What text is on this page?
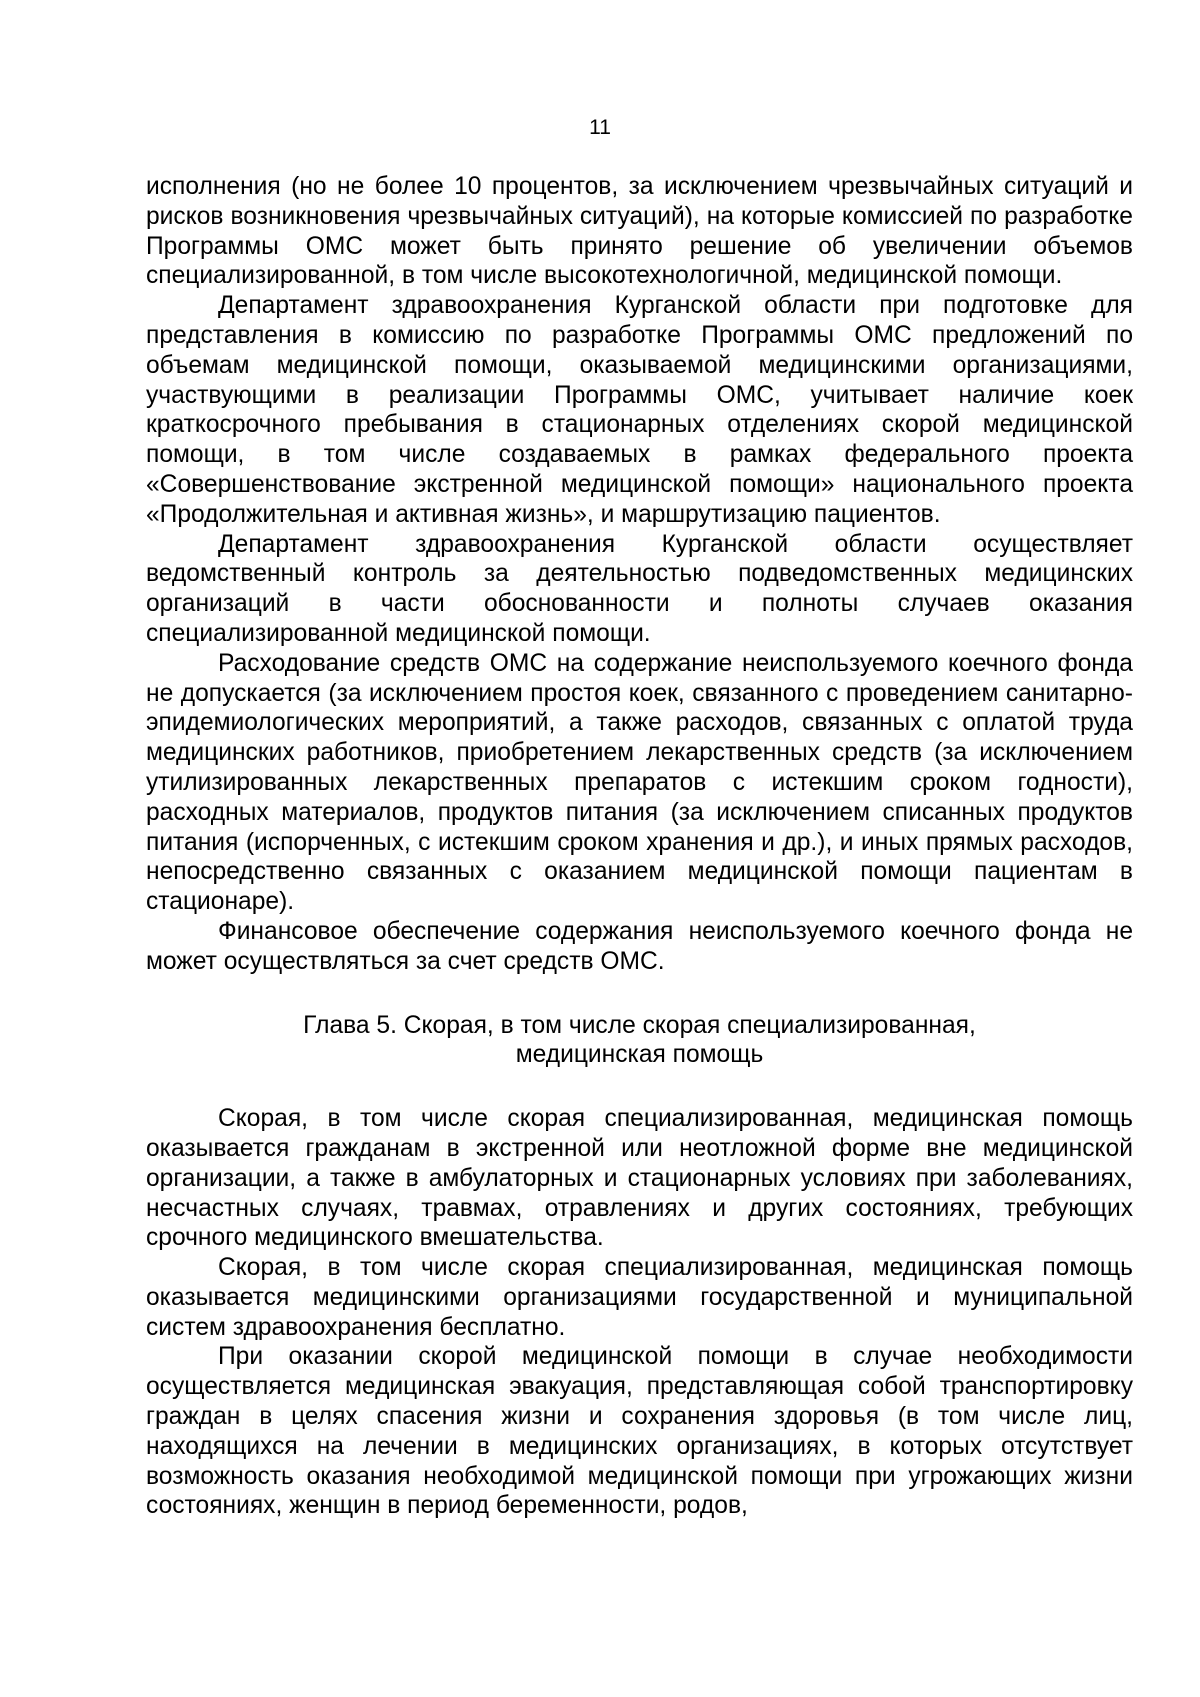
11

исполнения (но не более 10 процентов, за исключением чрезвычайных ситуаций и рисков возникновения чрезвычайных ситуаций), на которые комиссией по разработке Программы ОМС может быть принято решение об увеличении объемов специализированной, в том числе высокотехнологичной, медицинской помощи.

Департамент здравоохранения Курганской области при подготовке для представления в комиссию по разработке Программы ОМС предложений по объемам медицинской помощи, оказываемой медицинскими организациями, участвующими в реализации Программы ОМС, учитывает наличие коек краткосрочного пребывания в стационарных отделениях скорой медицинской помощи, в том числе создаваемых в рамках федерального проекта «Совершенствование экстренной медицинской помощи» национального проекта «Продолжительная и активная жизнь», и маршрутизацию пациентов.

Департамент здравоохранения Курганской области осуществляет ведомственный контроль за деятельностью подведомственных медицинских организаций в части обоснованности и полноты случаев оказания специализированной медицинской помощи.

Расходование средств ОМС на содержание неиспользуемого коечного фонда не допускается (за исключением простоя коек, связанного с проведением санитарно-эпидемиологических мероприятий, а также расходов, связанных с оплатой труда медицинских работников, приобретением лекарственных средств (за исключением утилизированных лекарственных препаратов с истекшим сроком годности), расходных материалов, продуктов питания (за исключением списанных продуктов питания (испорченных, с истекшим сроком хранения и др.), и иных прямых расходов, непосредственно связанных с оказанием медицинской помощи пациентам в стационаре).

Финансовое обеспечение содержания неиспользуемого коечного фонда не может осуществляться за счет средств ОМС.

Глава 5. Скорая, в том числе скорая специализированная,
медицинская помощь

Скорая, в том числе скорая специализированная, медицинская помощь оказывается гражданам в экстренной или неотложной форме вне медицинской организации, а также в амбулаторных и стационарных условиях при заболеваниях, несчастных случаях, травмах, отравлениях и других состояниях, требующих срочного медицинского вмешательства.

Скорая, в том числе скорая специализированная, медицинская помощь оказывается медицинскими организациями государственной и муниципальной систем здравоохранения бесплатно.

При оказании скорой медицинской помощи в случае необходимости осуществляется медицинская эвакуация, представляющая собой транспортировку граждан в целях спасения жизни и сохранения здоровья (в том числе лиц, находящихся на лечении в медицинских организациях, в которых отсутствует возможность оказания необходимой медицинской помощи при угрожающих жизни состояниях, женщин в период беременности, родов,
